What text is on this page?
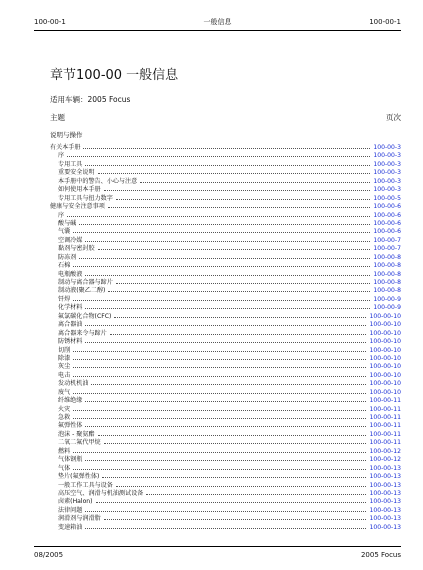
100-00-1	一般信息	100-00-1
章节100-00 一般信息
适用车辆：2005 Focus
主题	页次
说明与操作
有关本手册	100-00-3
序	100-00-3
专用工具	100-00-3
重要安全说明	100-00-3
本手册中的警告、小心与注意	100-00-3
如何使用本手册	100-00-3
专用工具与扭力数字	100-00-5
健康与安全注意事项	100-00-6
序	100-00-6
酸与碱	100-00-6
气囊	100-00-6
空调冷媒	100-00-7
黏剂与密封胶	100-00-7
防冻剂	100-00-8
石棉	100-00-8
电瓶酸液	100-00-8
制动与离合器与蹄片	100-00-8
制动液(聚乙二醇)	100-00-8
钎焊	100-00-9
化学材料	100-00-9
氟氯碳化合物(CFC)	100-00-10
离合器油	100-00-10
离合器来令与蹄片	100-00-10
防锈材料	100-00-10
切削	100-00-10
除漆	100-00-10
灰尘	100-00-10
电击	100-00-10
发动机机油	100-00-10
废气	100-00-10
纤维绝缘	100-00-11
火灾	100-00-11
急救	100-00-11
氟弹性体	100-00-11
泡沫 - 聚氨酯	100-00-11
二氧二氟代甲烷	100-00-11
燃料	100-00-12
气体钢瓶	100-00-12
气体	100-00-13
垫片(氟弹性体)	100-00-13
一般工作工具与设备	100-00-13
高压空气、润滑与机油测试设备	100-00-13
卤素(Halon)	100-00-13
法律问题	100-00-13
润滑剂与润滑脂	100-00-13
变速箱油	100-00-13
08/2005	2005 Focus
